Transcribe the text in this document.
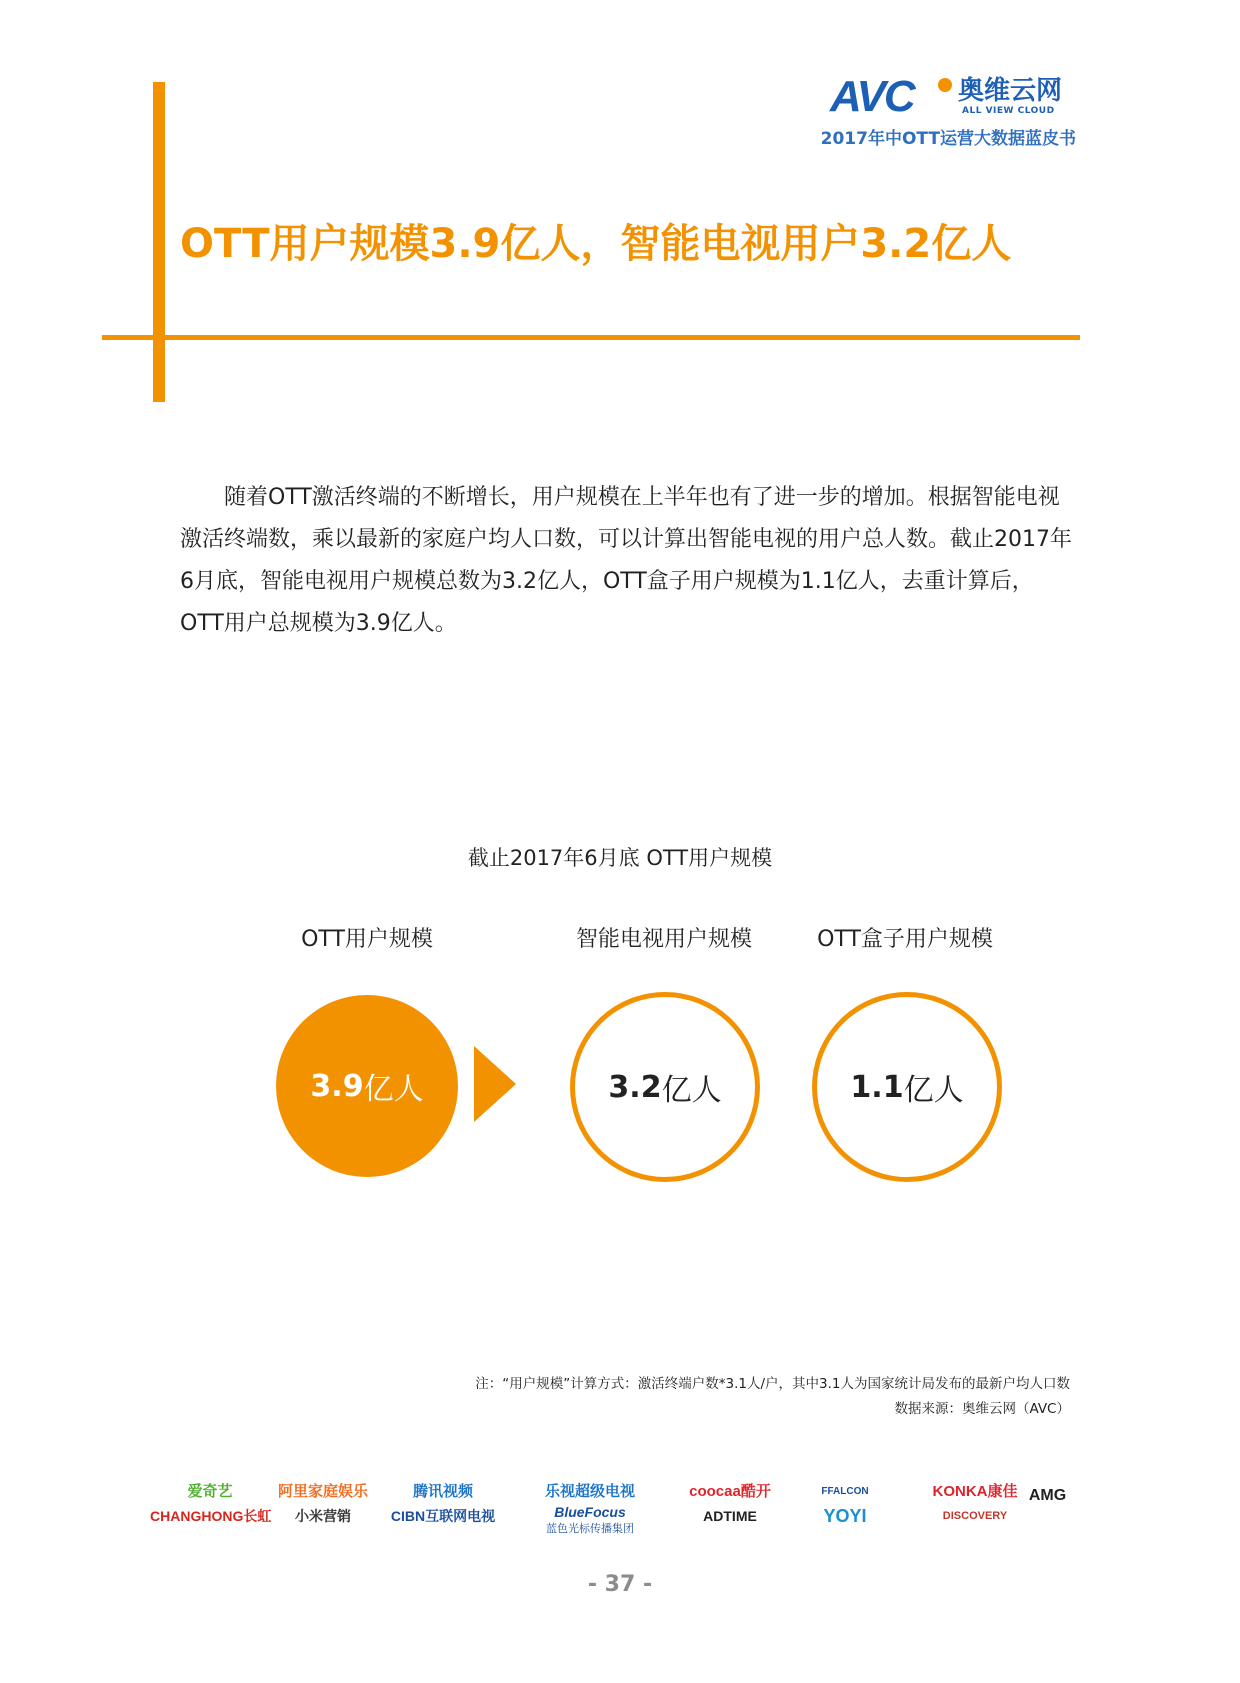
AVC 奥维云网
ALL VIEW CLOUD
2017年中OTT运营大数据蓝皮书
OTT用户规模3.9亿人，智能电视用户3.2亿人

随着OTT激活终端的不断增长，用户规模在上半年也有了进一步的增加。根据智能电视激活终端数，乘以最新的家庭户均人口数，可以计算出智能电视的用户总人数。截止2017年6月底，智能电视用户规模总数为3.2亿人，OTT盒子用户规模为1.1亿人，去重计算后，OTT用户总规模为3.9亿人。

截止2017年6月底 OTT用户规模
OTT用户规模	智能电视用户规模	OTT盒子用户规模
3.9 亿人	3.2 亿人	1.1 亿人
注：“用户规模”计算方式：激活终端户数*3.1人/户，其中3.1人为国家统计局发布的最新户均人口数
数据来源：奥维云网（AVC）
爱奇艺
CHANGHONG长虹
阿里家庭娱乐
小米营销
腾讯视频
CIBN互联网电视
乐视超级电视
BlueFocus
蓝色光标传播集团
coocaa酷开
ADTIME
FFALCON
YOYI
KONKA康佳
DISCOVERY
AMG
- 37 -
